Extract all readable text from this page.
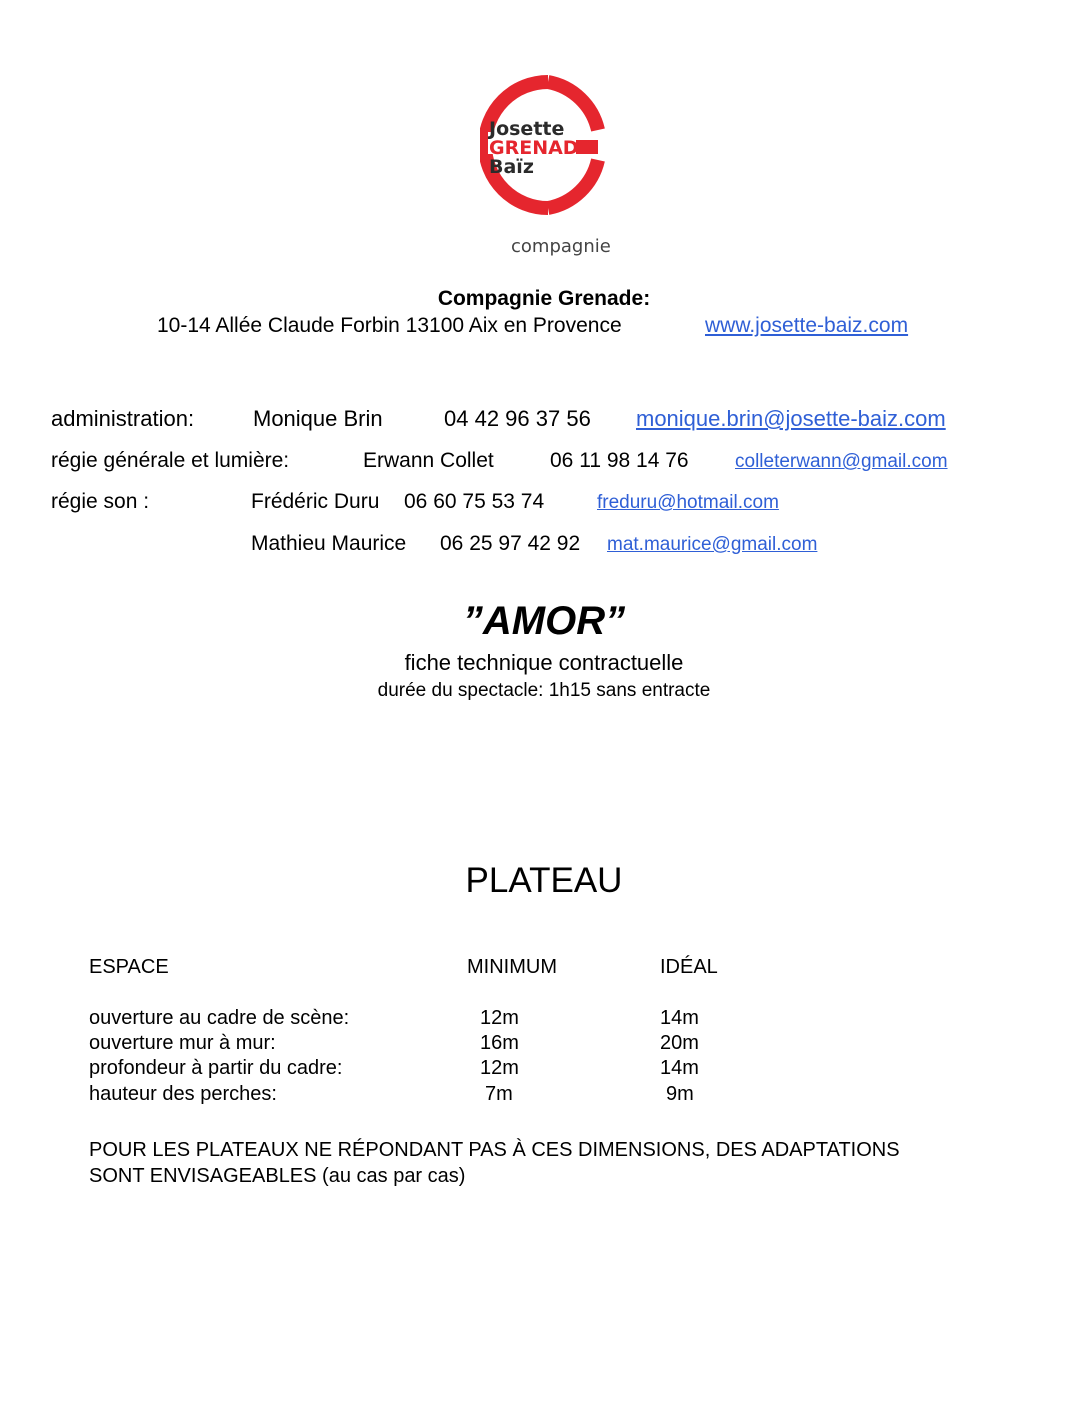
Josette
GRENADE
Baïz
compagnie
Compagnie Grenade:
10-14 Allée Claude Forbin 13100 Aix en Provence	www.josette-baiz.com
administration:	Monique Brin	04 42 96 37 56 monique.brin@josette-baiz.com
régie générale et lumière:	Erwann Collet	06 11 98 14 76 colleterwann@gmail.com
régie son :	Frédéric Duru 06 60 75 53 74	freduru@hotmail.com
Mathieu Maurice 06 25 97 42 92 mat.maurice@gmail.com
”AMOR”
fiche technique contractuelle
durée du spectacle: 1h15 sans entracte
PLATEAU
ESPACE	MINIMUM	IDÉAL
ouverture au cadre de scène:	12m	14m
ouverture mur à mur:	16m	20m
profondeur à partir du cadre:	12m	14m
hauteur des perches:	7m	9m
POUR LES PLATEAUX NE RÉPONDANT PAS À CES DIMENSIONS, DES ADAPTATIONS
SONT ENVISAGEABLES (au cas par cas)
